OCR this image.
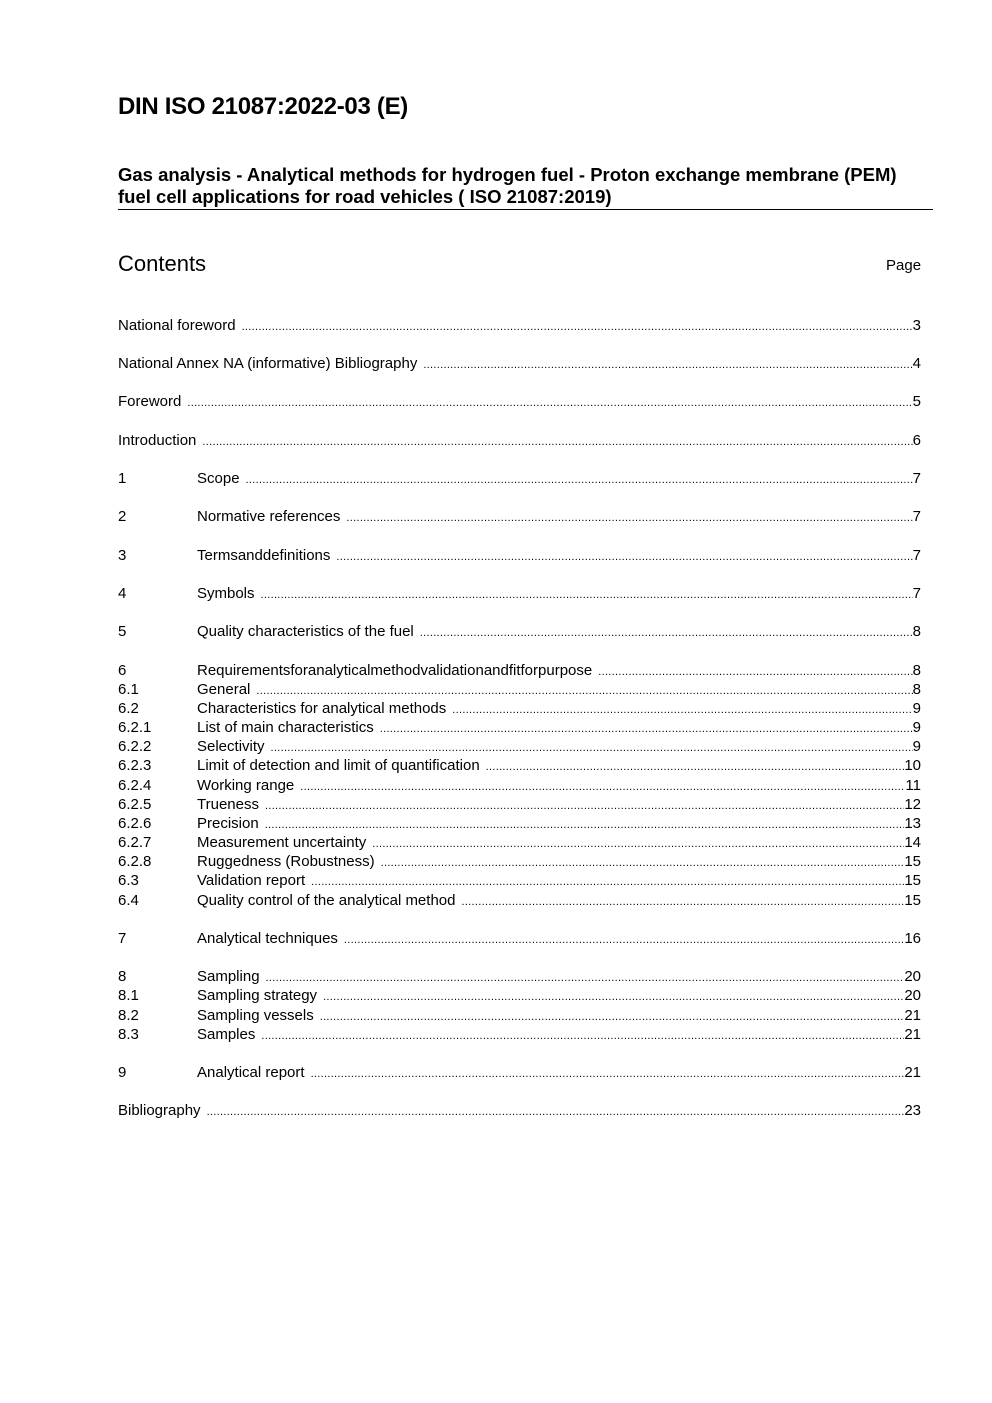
DIN ISO 21087:2022-03 (E)
Gas analysis - Analytical methods for hydrogen fuel - Proton exchange membrane (PEM) fuel cell applications for road vehicles ( ISO 21087:2019)
Contents	Page
National foreword .....	3
National Annex NA (informative) Bibliography .....	4
Foreword .....	5
Introduction .....	6
1	Scope .....	7
2	Normative references .....	7
3	Termsanddefinitions .....	7
4	Symbols .....	7
5	Quality characteristics of the fuel .....	8
6	Requirementsforanalyticalmethodvalidationandfitforpurpose .....	8
6.1	General .....	8
6.2	Characteristics for analytical methods .....	9
6.2.1	List of main characteristics .....	9
6.2.2	Selectivity .....	9
6.2.3	Limit of detection and limit of quantification .....	10
6.2.4	Working range .....	11
6.2.5	Trueness .....	12
6.2.6	Precision .....	13
6.2.7	Measurement uncertainty .....	14
6.2.8	Ruggedness (Robustness) .....	15
6.3	Validation report .....	15
6.4	Quality control of the analytical method .....	15
7	Analytical techniques .....	16
8	Sampling .....	20
8.1	Sampling strategy .....	20
8.2	Sampling vessels .....	21
8.3	Samples .....	21
9	Analytical report .....	21
Bibliography .....	23
